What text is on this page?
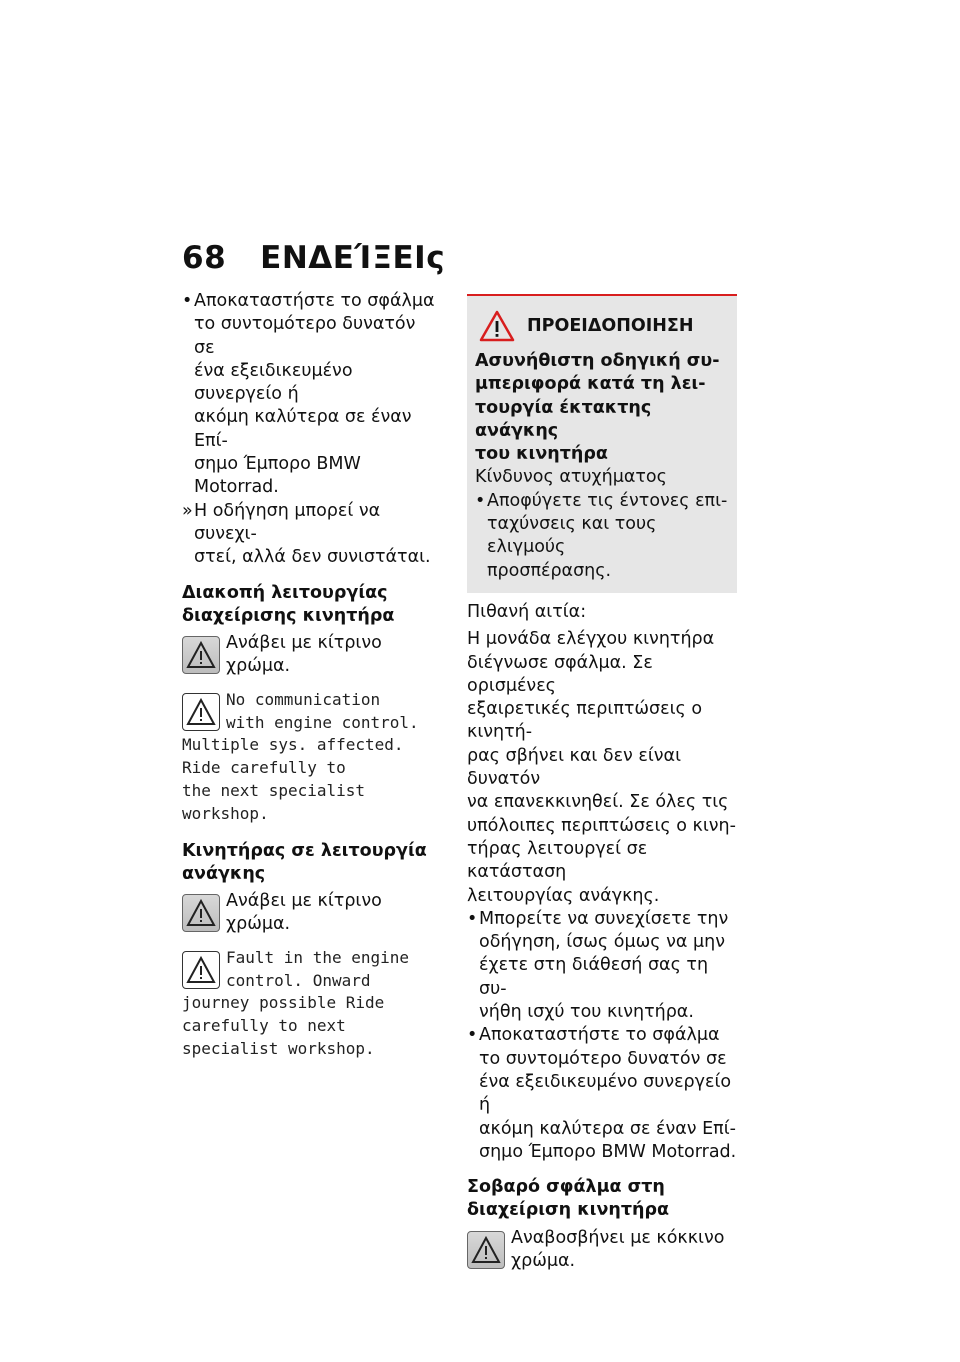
68 ΕΝΔΕΊΞΕΙς
• Αποκαταστήστε το σφάλμα
το συντομότερο δυνατόν σε
ένα εξειδικευμένο συνεργείο ή
ακόμη καλύτερα σε έναν Επί-
σημο Έμπορο BMW Motorrad.
» Η οδήγηση μπορεί να συνεχι-
στεί, αλλά δεν συνιστάται.
Διακοπή λειτουργίας
διαχείρισης κινητήρα
Ανάβει με κίτρινο χρώμα.
No communication
with engine control.
Multiple sys. affected.
Ride carefully to
the next specialist
workshop.
Κινητήρας σε λειτουργία
ανάγκης
Ανάβει με κίτρινο χρώμα.
Fault in the engine
control. Onward
journey possible Ride
carefully to next
specialist workshop.
ΠΡΟΕΙΔΟΠΟΙΗΣΗ
Ασυνήθιστη οδηγική συ-
μπεριφορά κατά τη λει-
τουργία έκτακτης ανάγκης
του κινητήρα
Κίνδυνος ατυχήματος
• Αποφύγετε τις έντονες επι-
ταχύνσεις και τους ελιγμούς
προσπέρασης.
Πιθανή αιτία:
Η μονάδα ελέγχου κινητήρα
διέγνωσε σφάλμα. Σε ορισμένες
εξαιρετικές περιπτώσεις ο κινητή-
ρας σβήνει και δεν είναι δυνατόν
να επανεκκινηθεί. Σε όλες τις
υπόλοιπες περιπτώσεις ο κινη-
τήρας λειτουργεί σε κατάσταση
λειτουργίας ανάγκης.
• Μπορείτε να συνεχίσετε την
οδήγηση, ίσως όμως να μην
έχετε στη διάθεσή σας τη συ-
νήθη ισχύ του κινητήρα.
• Αποκαταστήστε το σφάλμα
το συντομότερο δυνατόν σε
ένα εξειδικευμένο συνεργείο ή
ακόμη καλύτερα σε έναν Επί-
σημο Έμπορο BMW Motorrad.
Σοβαρό σφάλμα στη
διαχείριση κινητήρα
Αναβοσβήνει με κόκκινο
χρώμα.
